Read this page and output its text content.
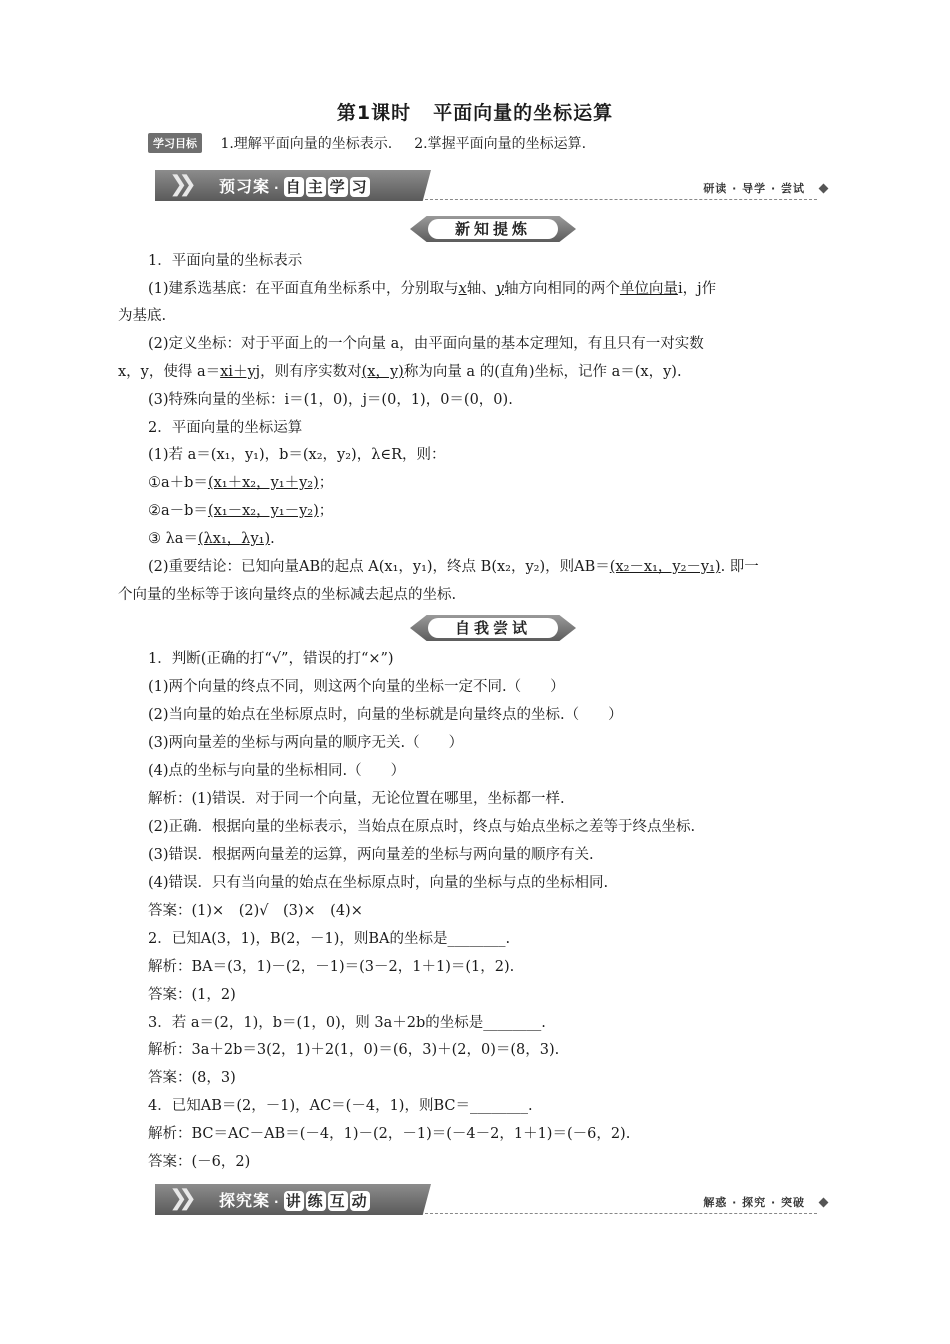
第1课时 平面向量的坐标运算
学习目标 1.理解平面向量的坐标表示. 2.掌握平面向量的坐标运算.
❯❯ 预习案 · 自 主 学 习	研读 · 导学 · 尝试
新知提炼
1．平面向量的坐标表示
(1)建系选基底：在平面直角坐标系中，分别取与x轴、y轴方向相同的两个单位向量i，j作
为基底.
(2)定义坐标：对于平面上的一个向量 a，由平面向量的基本定理知，有且只有一对实数
x，y，使得 a＝xi＋yj，则有序实数对(x，y)称为向量 a 的(直角)坐标，记作 a＝(x，y).
(3)特殊向量的坐标：i＝(1，0)，j＝(0，1)，0＝(0，0).
2．平面向量的坐标运算
(1)若 a＝(x₁，y₁)，b＝(x₂，y₂)，λ∈R，则：
①a＋b＝(x₁＋x₂，y₁＋y₂)；
②a－b＝(x₁－x₂，y₁－y₂)；
③ λa＝(λx₁，λy₁).
(2)重要结论：已知向量AB的起点 A(x₁，y₁)，终点 B(x₂，y₂)，则AB＝(x₂－x₁，y₂－y₁). 即一
个向量的坐标等于该向量终点的坐标减去起点的坐标.
自我尝试
1．判断(正确的打“√”，错误的打“×”)
(1)两个向量的终点不同，则这两个向量的坐标一定不同.（　　）
(2)当向量的始点在坐标原点时，向量的坐标就是向量终点的坐标.（　　）
(3)两向量差的坐标与两向量的顺序无关.（　　）
(4)点的坐标与向量的坐标相同.（　　）
解析：(1)错误．对于同一个向量，无论位置在哪里，坐标都一样.
(2)正确．根据向量的坐标表示，当始点在原点时，终点与始点坐标之差等于终点坐标.
(3)错误．根据两向量差的运算，两向量差的坐标与两向量的顺序有关.
(4)错误．只有当向量的始点在坐标原点时，向量的坐标与点的坐标相同.
答案：(1)×　(2)√　(3)×　(4)×
2．已知A(3，1)，B(2，－1)，则BA的坐标是________.
解析：BA＝(3，1)－(2，－1)＝(3－2，1＋1)＝(1，2).
答案：(1，2)
3．若 a＝(2，1)，b＝(1，0)，则 3a＋2b的坐标是________.
解析：3a＋2b＝3(2，1)＋2(1，0)＝(6，3)＋(2，0)＝(8，3).
答案：(8，3)
4．已知AB＝(2，－1)，AC＝(－4，1)，则BC＝________.
解析：BC＝AC－AB＝(－4，1)－(2，－1)＝(－4－2，1＋1)＝(－6，2).
答案：(－6，2)
❯❯ 探究案 · 讲 练 互 动	解惑 · 探究 · 突破
